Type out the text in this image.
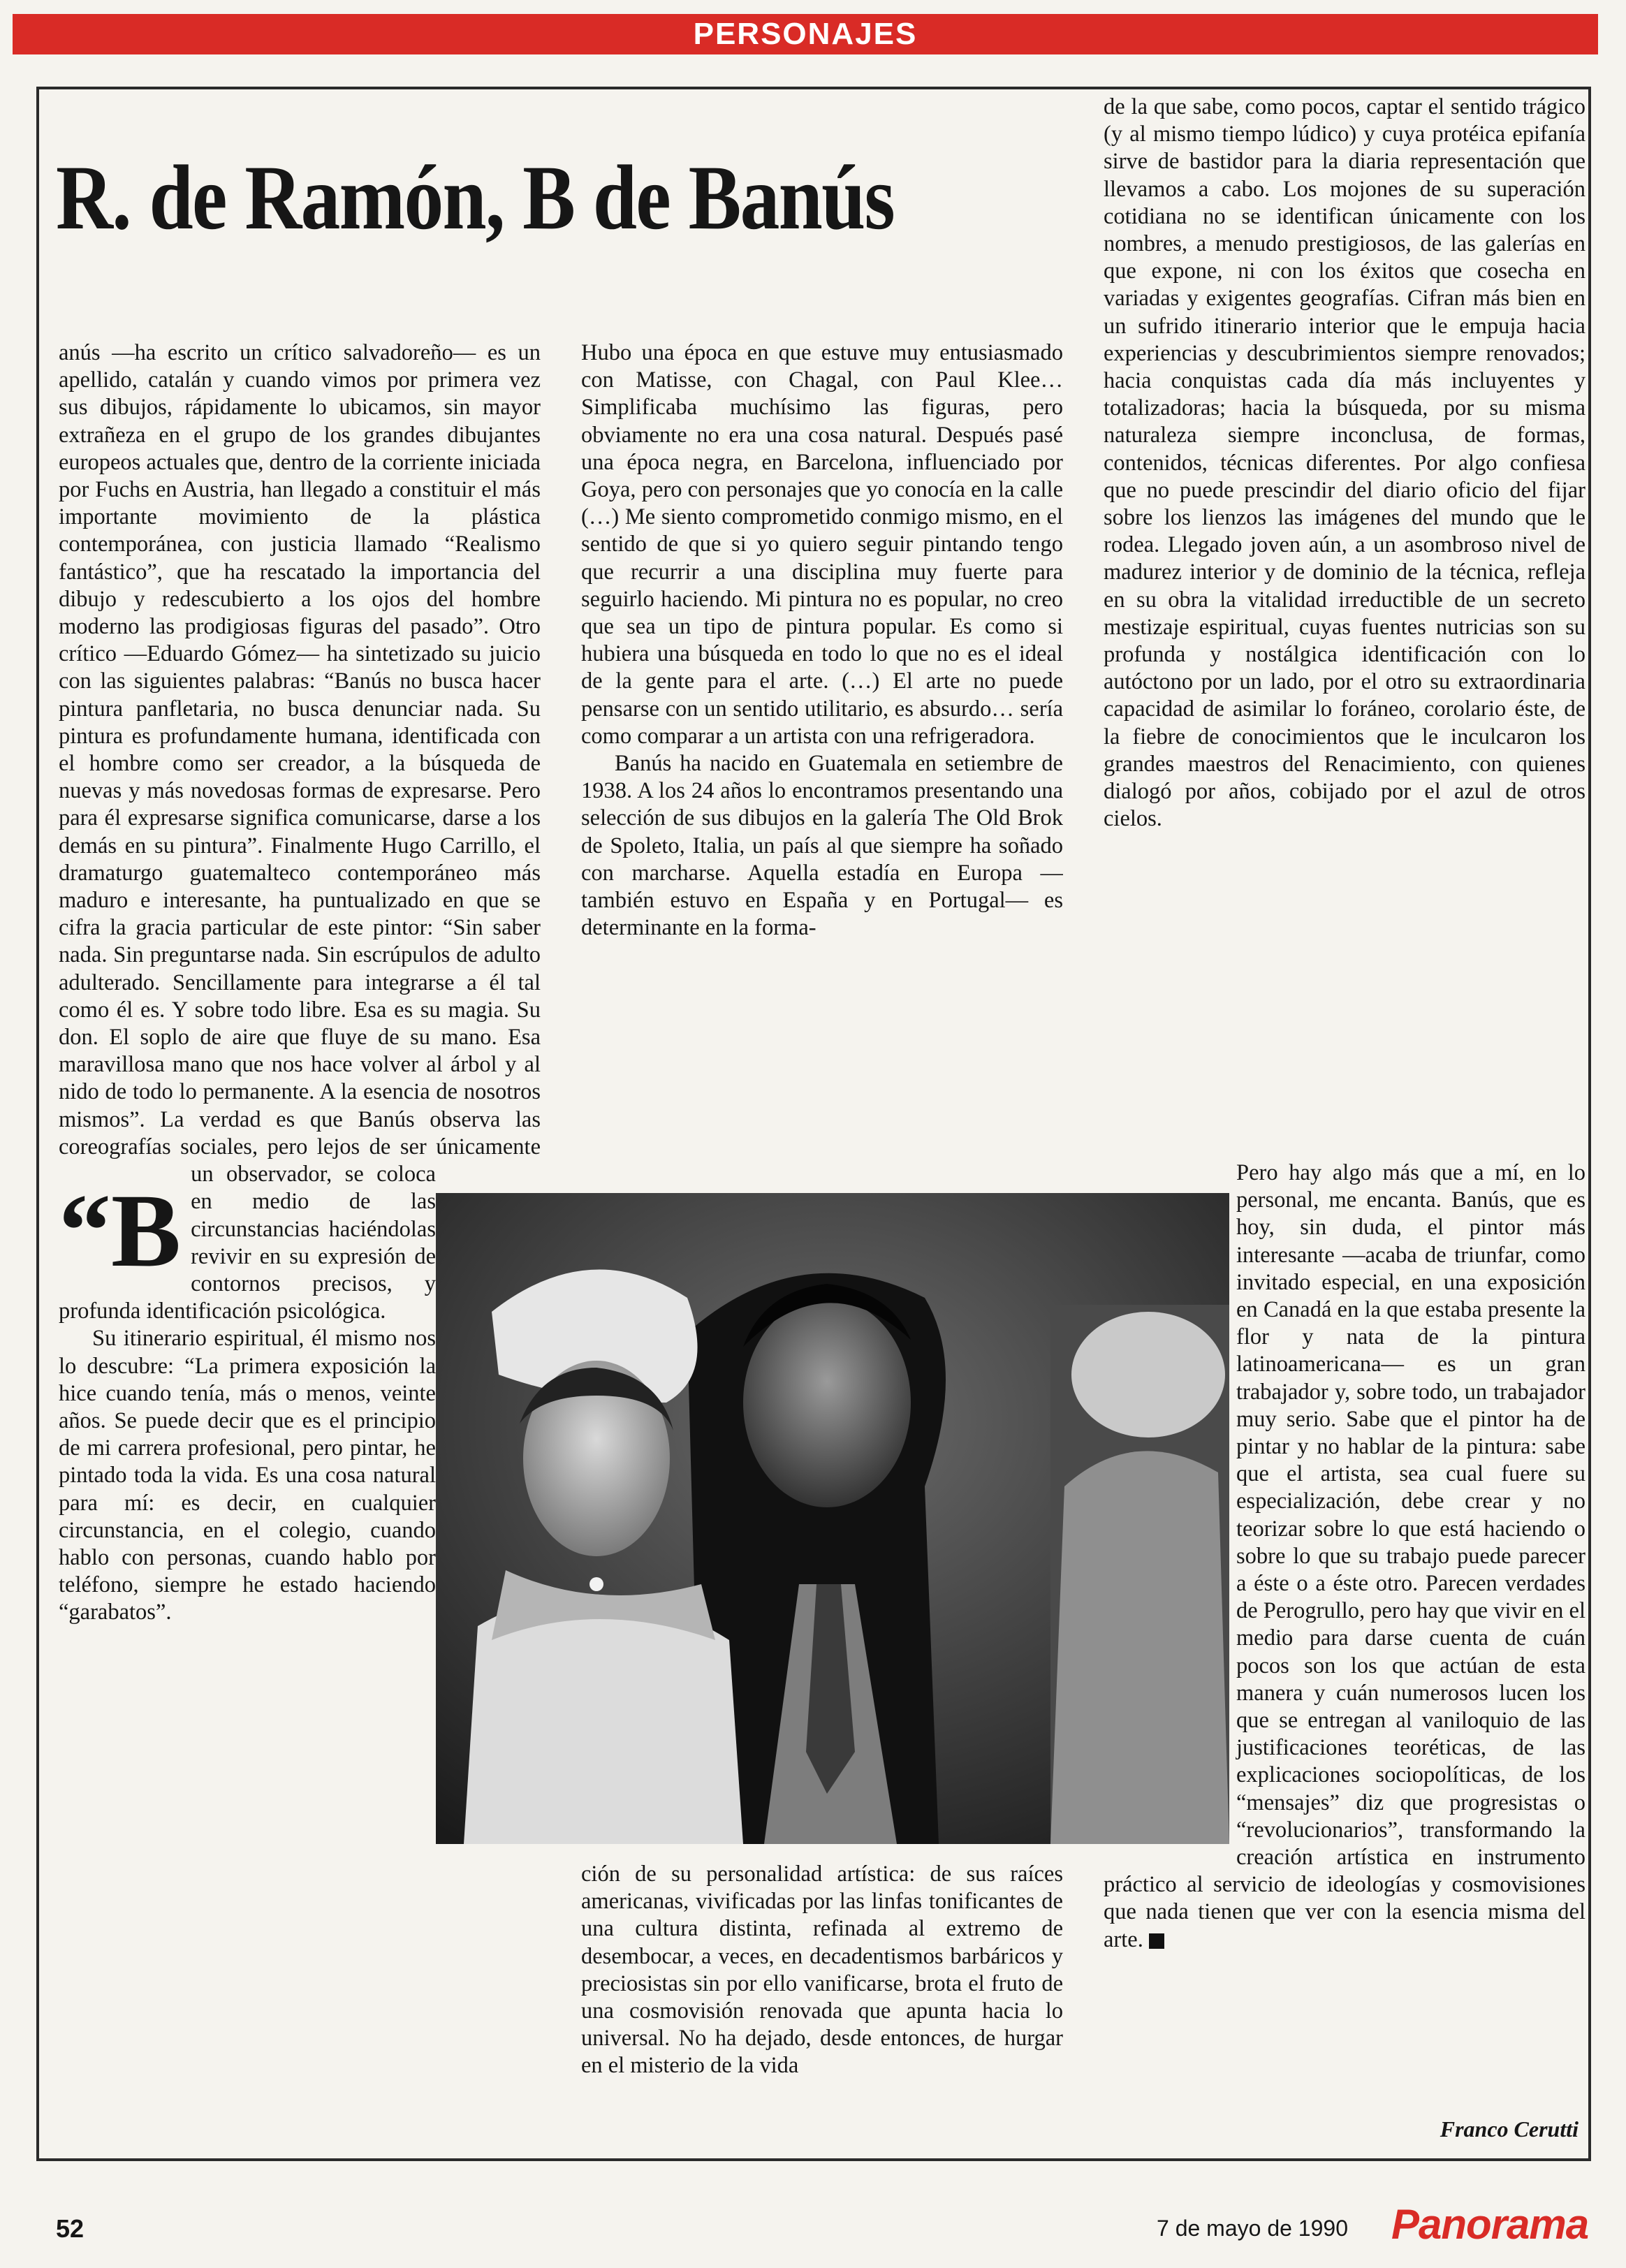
PERSONAJES
R. de Ramón, B de Banús

“B
anús —ha escrito un crítico salvadoreño— es un apellido, catalán y cuando vimos por primera vez sus dibujos, rápidamente lo ubicamos, sin mayor extrañeza en el grupo de los grandes dibujantes europeos actuales que, dentro de la corriente iniciada por Fuchs en Austria, han llegado a constituir el más importante movimiento de la plástica contemporánea, con justicia llamado “Realismo fantástico”, que ha rescatado la importancia del dibujo y redescubierto a los ojos del hombre moderno las prodigiosas figuras del pasado”. Otro crítico —Eduardo Gómez— ha sintetizado su juicio con las siguientes palabras: “Banús no busca hacer pintura panfletaria, no busca denunciar nada. Su pintura es profundamente humana, identificada con el hombre como ser creador, a la búsqueda de nuevas y más novedosas formas de expresarse. Pero para él expresarse significa comunicarse, darse a los demás en su pintura”. Finalmente Hugo Carrillo, el dramaturgo guatemalteco contemporáneo más maduro e interesante, ha puntualizado en que se cifra la gracia particular de este pintor: “Sin saber nada. Sin preguntarse nada. Sin escrúpulos de adulto adulterado. Sencillamente para integrarse a él tal como él es. Y sobre todo libre. Esa es su magia. Su don. El soplo de aire que fluye de su mano. Esa maravillosa mano que nos hace volver al árbol y al nido de todo lo permanente. A la esencia de nosotros mismos”. La verdad es que Banús observa las coreografías sociales, pero lejos de ser únicamente un observador, se coloca en medio de las circunstancias haciéndolas revivir en su expresión de contornos precisos, y profunda identificación psicológica.

Su itinerario espiritual, él mismo nos lo descubre: “La primera exposición la hice cuando tenía, más o menos, veinte años. Se puede decir que es el principio de mi carrera profesional, pero pintar, he pintado toda la vida. Es una cosa natural para mí: es decir, en cualquier circunstancia, en el colegio, cuando hablo con personas, cuando hablo por teléfono, siempre he estado haciendo “garabatos”.

Hubo una época en que estuve muy entusiasmado con Matisse, con Chagal, con Paul Klee… Simplificaba muchísimo las figuras, pero obviamente no era una cosa natural. Después pasé una época negra, en Barcelona, influenciado por Goya, pero con personajes que yo conocía en la calle (…) Me siento comprometido conmigo mismo, en el sentido de que si yo quiero seguir pintando tengo que recurrir a una disciplina muy fuerte para seguirlo haciendo. Mi pintura no es popular, no creo que sea un tipo de pintura popular. Es como si hubiera una búsqueda en todo lo que no es el ideal de la gente para el arte. (…) El arte no puede pensarse con un sentido utilitario, es absurdo… sería como comparar a un artista con una refrigeradora.

Banús ha nacido en Guatemala en setiembre de 1938. A los 24 años lo encontramos presentando una selección de sus dibujos en la galería The Old Brok de Spoleto, Italia, un país al que siempre ha soñado con marcharse. Aquella estadía en Europa —también estuvo en España y en Portugal— es determinante en la forma-

de la que sabe, como pocos, captar el sentido trágico (y al mismo tiempo lúdico) y cuya protéica epifanía sirve de bastidor para la diaria representación que llevamos a cabo. Los mojones de su superación cotidiana no se identifican únicamente con los nombres, a menudo prestigiosos, de las galerías en que expone, ni con los éxitos que cosecha en variadas y exigentes geografías. Cifran más bien en un sufrido itinerario interior que le empuja hacia experiencias y descubrimientos siempre renovados; hacia conquistas cada día más incluyentes y totalizadoras; hacia la búsqueda, por su misma naturaleza siempre inconclusa, de formas, contenidos, técnicas diferentes. Por algo confiesa que no puede prescindir del diario oficio del fijar sobre los lienzos las imágenes del mundo que le rodea. Llegado joven aún, a un asombroso nivel de madurez interior y de dominio de la técnica, refleja en su obra la vitalidad irreductible de un secreto mestizaje espiritual, cuyas fuentes nutricias son su profunda y nostálgica identificación con lo autóctono por un lado, por el otro su extraordinaria capacidad de asimilar lo foráneo, corolario éste, de la fiebre de conocimientos que le inculcaron los grandes maestros del Renacimiento, con quienes dialogó por años, cobijado por el azul de otros cielos.

Pero hay algo más que a mí, en lo personal, me encanta. Banús, que es hoy, sin duda, el pintor más interesante —acaba de triunfar, como invitado especial, en una exposición en Canadá en la que estaba presente la flor y nata de la pintura latinoamericana— es un gran trabajador y, sobre todo, un trabajador muy serio. Sabe que el pintor ha de pintar y no hablar de la pintura: sabe que el artista, sea cual fuere su especialización, debe crear y no teorizar sobre lo que está haciendo o sobre lo que su trabajo puede parecer a éste o a éste otro. Parecen verdades de Perogrullo, pero hay que vivir en el medio para darse cuenta de cuán pocos son los que actúan de esta manera y cuán numerosos lucen los que se entregan al vaniloquio de las justificaciones teoréticas, de las explicaciones sociopolíticas, de los “mensajes” diz que progresistas o “revolucionarios”, transformando la creación artística en instrumento práctico al servicio de ideologías y cosmovisiones que nada tienen que ver con la esencia misma del arte.

ción de su personalidad artística: de sus raíces americanas, vivificadas por las linfas tonificantes de una cultura distinta, refinada al extremo de desembocar, a veces, en decadentismos barbáricos y preciosistas sin por ello vanificarse, brota el fruto de una cosmovisión renovada que apunta hacia lo universal. No ha dejado, desde entonces, de hurgar en el misterio de la vida

Franco Cerutti
52	7 de mayo de 1990 Panorama
